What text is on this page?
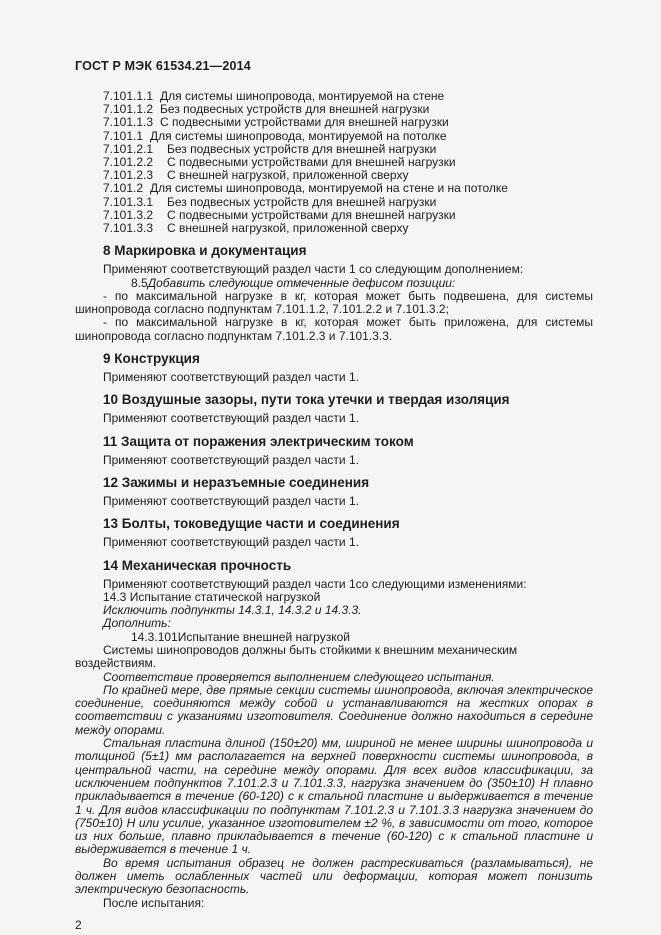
ГОСТ Р МЭК 61534.21—2014
7.101.1.1 Для системы шинопровода, монтируемой на стене
7.101.1.2 Без подвесных устройств для внешней нагрузки
7.101.1.3 С подвесными устройствами для внешней нагрузки
7.101.1 Для системы шинопровода, монтируемой на потолке
7.101.2.1 Без подвесных устройств для внешней нагрузки
7.101.2.2 С подвесными устройствами для внешней нагрузки
7.101.2.3 С внешней нагрузкой, приложенной сверху
7.101.2 Для системы шинопровода, монтируемой на стене и на потолке
7.101.3.1 Без подвесных устройств для внешней нагрузки
7.101.3.2 С подвесными устройствами для внешней нагрузки
7.101.3.3 С внешней нагрузкой, приложенной сверху
8 Маркировка и документация
Применяют соответствующий раздел части 1 со следующим дополнением:
8.5Добавить следующие отмеченные дефисом позиции:
- по максимальной нагрузке в кг, которая может быть подвешена, для системы шинопровода согласно подпунктам 7.101.1.2, 7.101.2.2 и 7.101.3.2;
- по максимальной нагрузке в кг, которая может быть приложена, для системы шинопровода согласно подпунктам 7.101.2.3 и 7.101.3.3.
9 Конструкция
Применяют соответствующий раздел части 1.
10 Воздушные зазоры, пути тока утечки и твердая изоляция
Применяют соответствующий раздел части 1.
11 Защита от поражения электрическим током
Применяют соответствующий раздел части 1.
12 Зажимы и неразъемные соединения
Применяют соответствующий раздел части 1.
13 Болты, токоведущие части и соединения
Применяют соответствующий раздел части 1.
14 Механическая прочность
Применяют соответствующий раздел части 1со следующими изменениями:
14.3 Испытание статической нагрузкой
Исключить подпункты 14.3.1, 14.3.2 и 14.3.3.
Дополнить:
14.3.101Испытание внешней нагрузкой
Системы шинопроводов должны быть стойкими к внешним механическим воздействиям.
Соответствие проверяется выполнением следующего испытания.
По крайней мере, две прямые секции системы шинопровода, включая электрическое соединение, соединяются между собой и устанавливаются на жестких опорах в соответствии с указаниями изготовителя. Соединение должно находиться в середине между опорами.
Стальная пластина длиной (150±20) мм, шириной не менее ширины шинопровода и толщиной (5±1) мм располагается на верхней поверхности системы шинопровода, в центральной части, на середине между опорами. Для всех видов классификации, за исключением подпунктов 7.101.2.3 и 7.101.3.3, нагрузка значением до (350±10) Н плавно прикладывается в течение (60-120) с к стальной пластине и выдерживается в течение 1 ч. Для видов классификации по подпунктам 7.101.2.3 и 7.101.3.3 нагрузка значением до (750±10) Н или усилие, указанное изготовителем ±2 %, в зависимости от того, которое из них больше, плавно прикладывается в течение (60-120) с к стальной пластине и выдерживается в течение 1 ч.
Во время испытания образец не должен растрескиваться (разламываться), не должен иметь ослабленных частей или деформации, которая может понизить электрическую безопасность.
После испытания:
2
